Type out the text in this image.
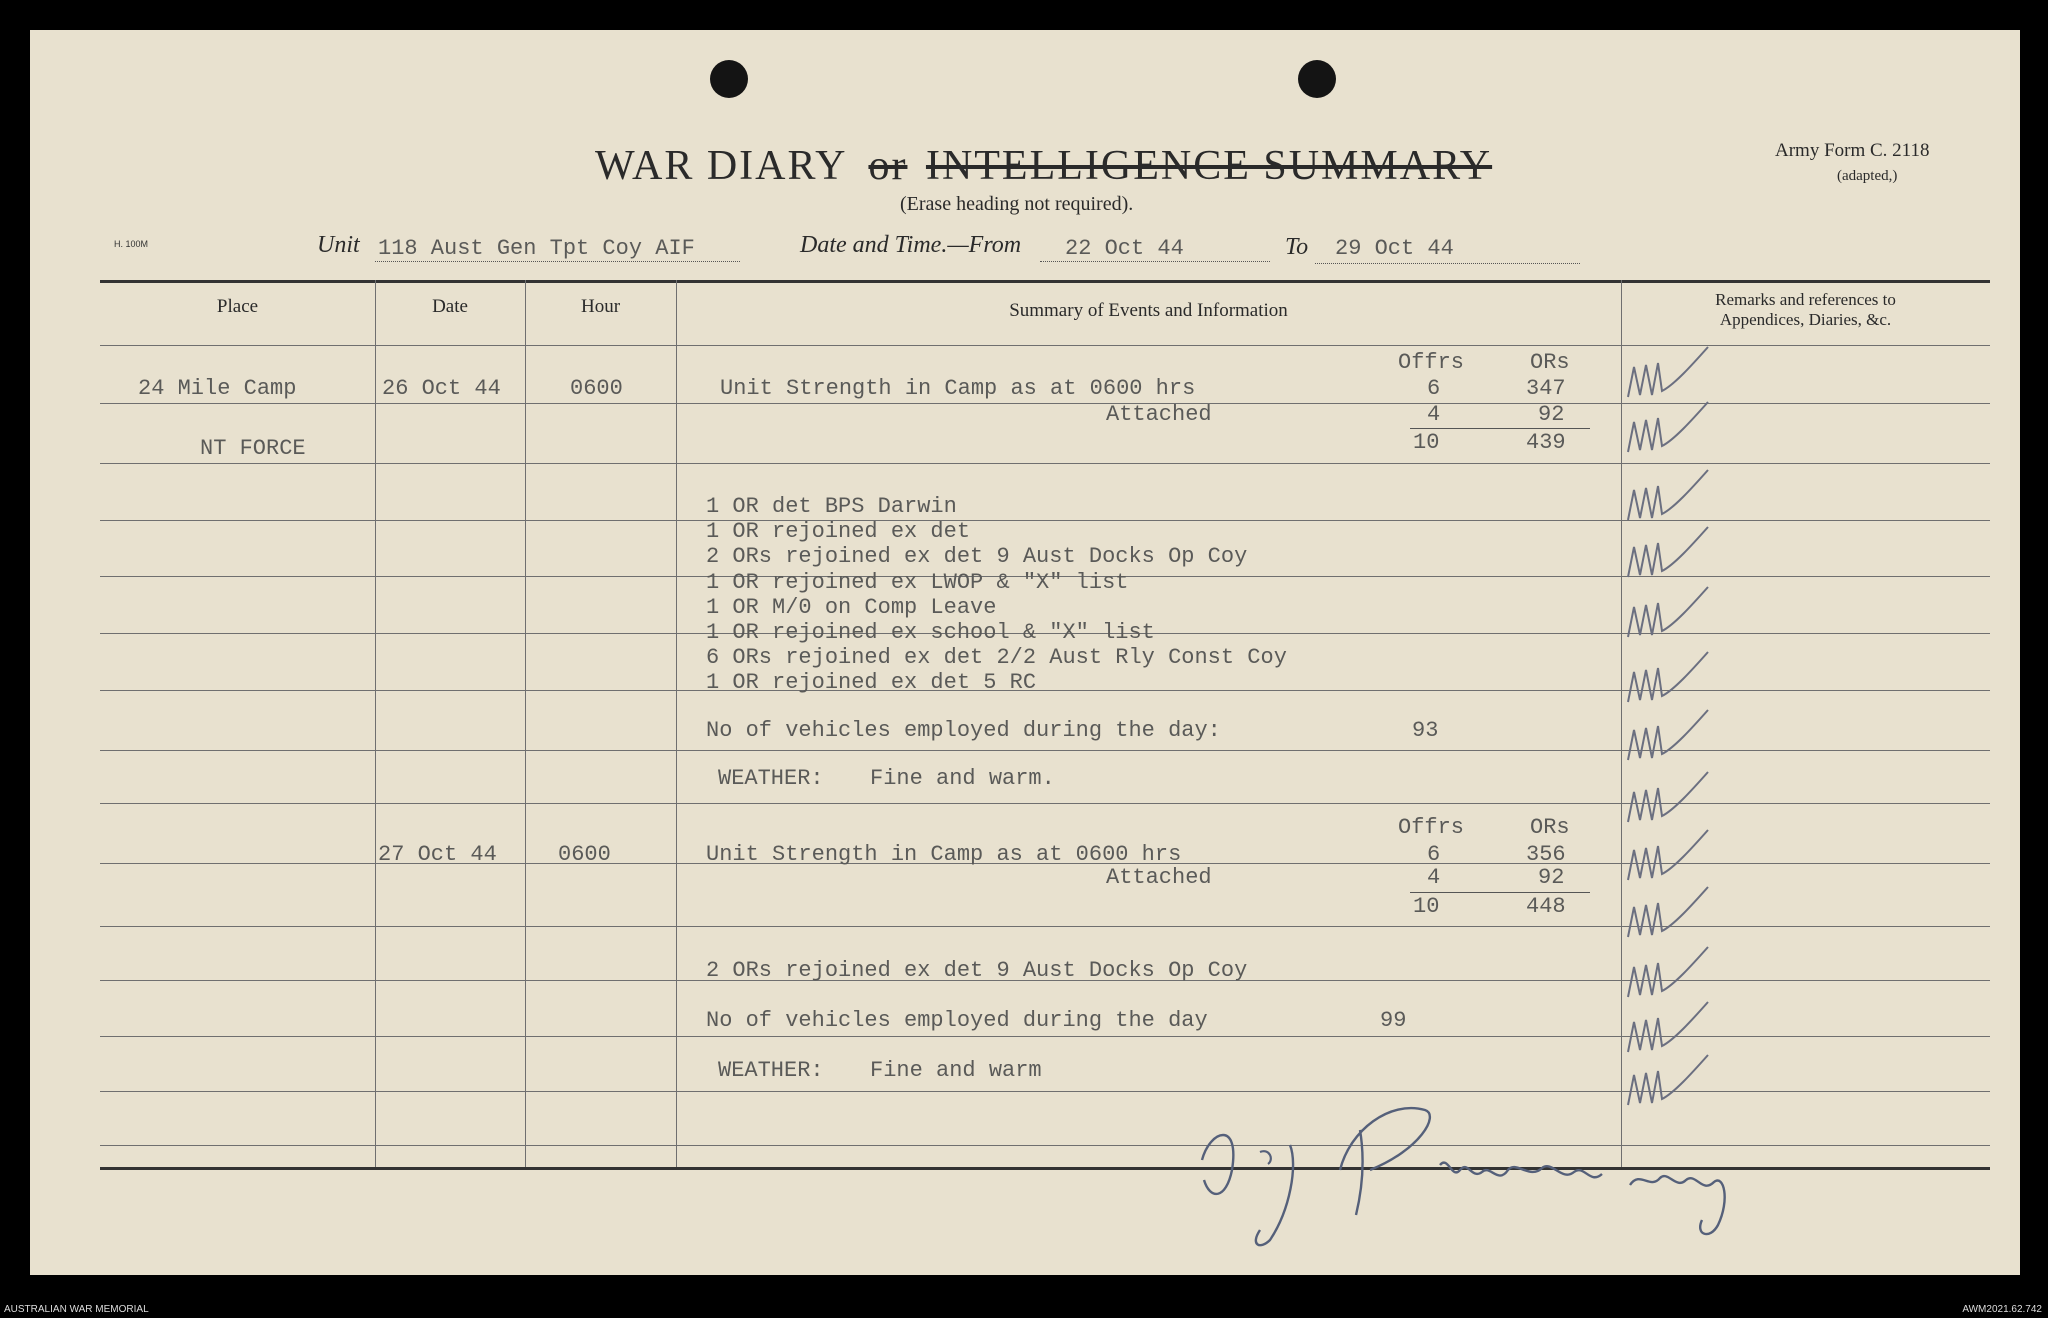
WAR DIARY or INTELLIGENCE SUMMARY
(Erase heading not required).
Army Form C. 2118
(adapted,)
H. 100M	Unit 118 Aust Gen Tpt Coy AIF	Date and Time.—From 22 Oct 44	To 29 Oct 44
Place	Date	Hour	Summary of Events and Information
Remarks and references to
Appendices, Diaries, &c.
24 Mile Camp
NT FORCE
26 Oct 44	0600
Offrs	ORs
Unit Strength in Camp as at 0600 hrs	6	347
Attached	4	92
10	439
1 OR det BPS Darwin
1 OR rejoined ex det
2 ORs rejoined ex det 9 Aust Docks Op Coy
1 OR rejoined ex LWOP & "X" list
1 OR M/0 on Comp Leave
1 OR rejoined ex school & "X" list
6 ORs rejoined ex det 2/2 Aust Rly Const Coy
1 OR rejoined ex det 5 RC
No of vehicles employed during the day:	93
WEATHER: Fine and warm.
27 Oct 44	0600
Offrs	ORs
Unit Strength in Camp as at 0600 hrs	6	356
Attached	4	92
10	448
2 ORs rejoined ex det 9 Aust Docks Op Coy
No of vehicles employed during the day	99
WEATHER: Fine and warm
AUSTRALIAN WAR MEMORIAL	AWM2021.62.742
